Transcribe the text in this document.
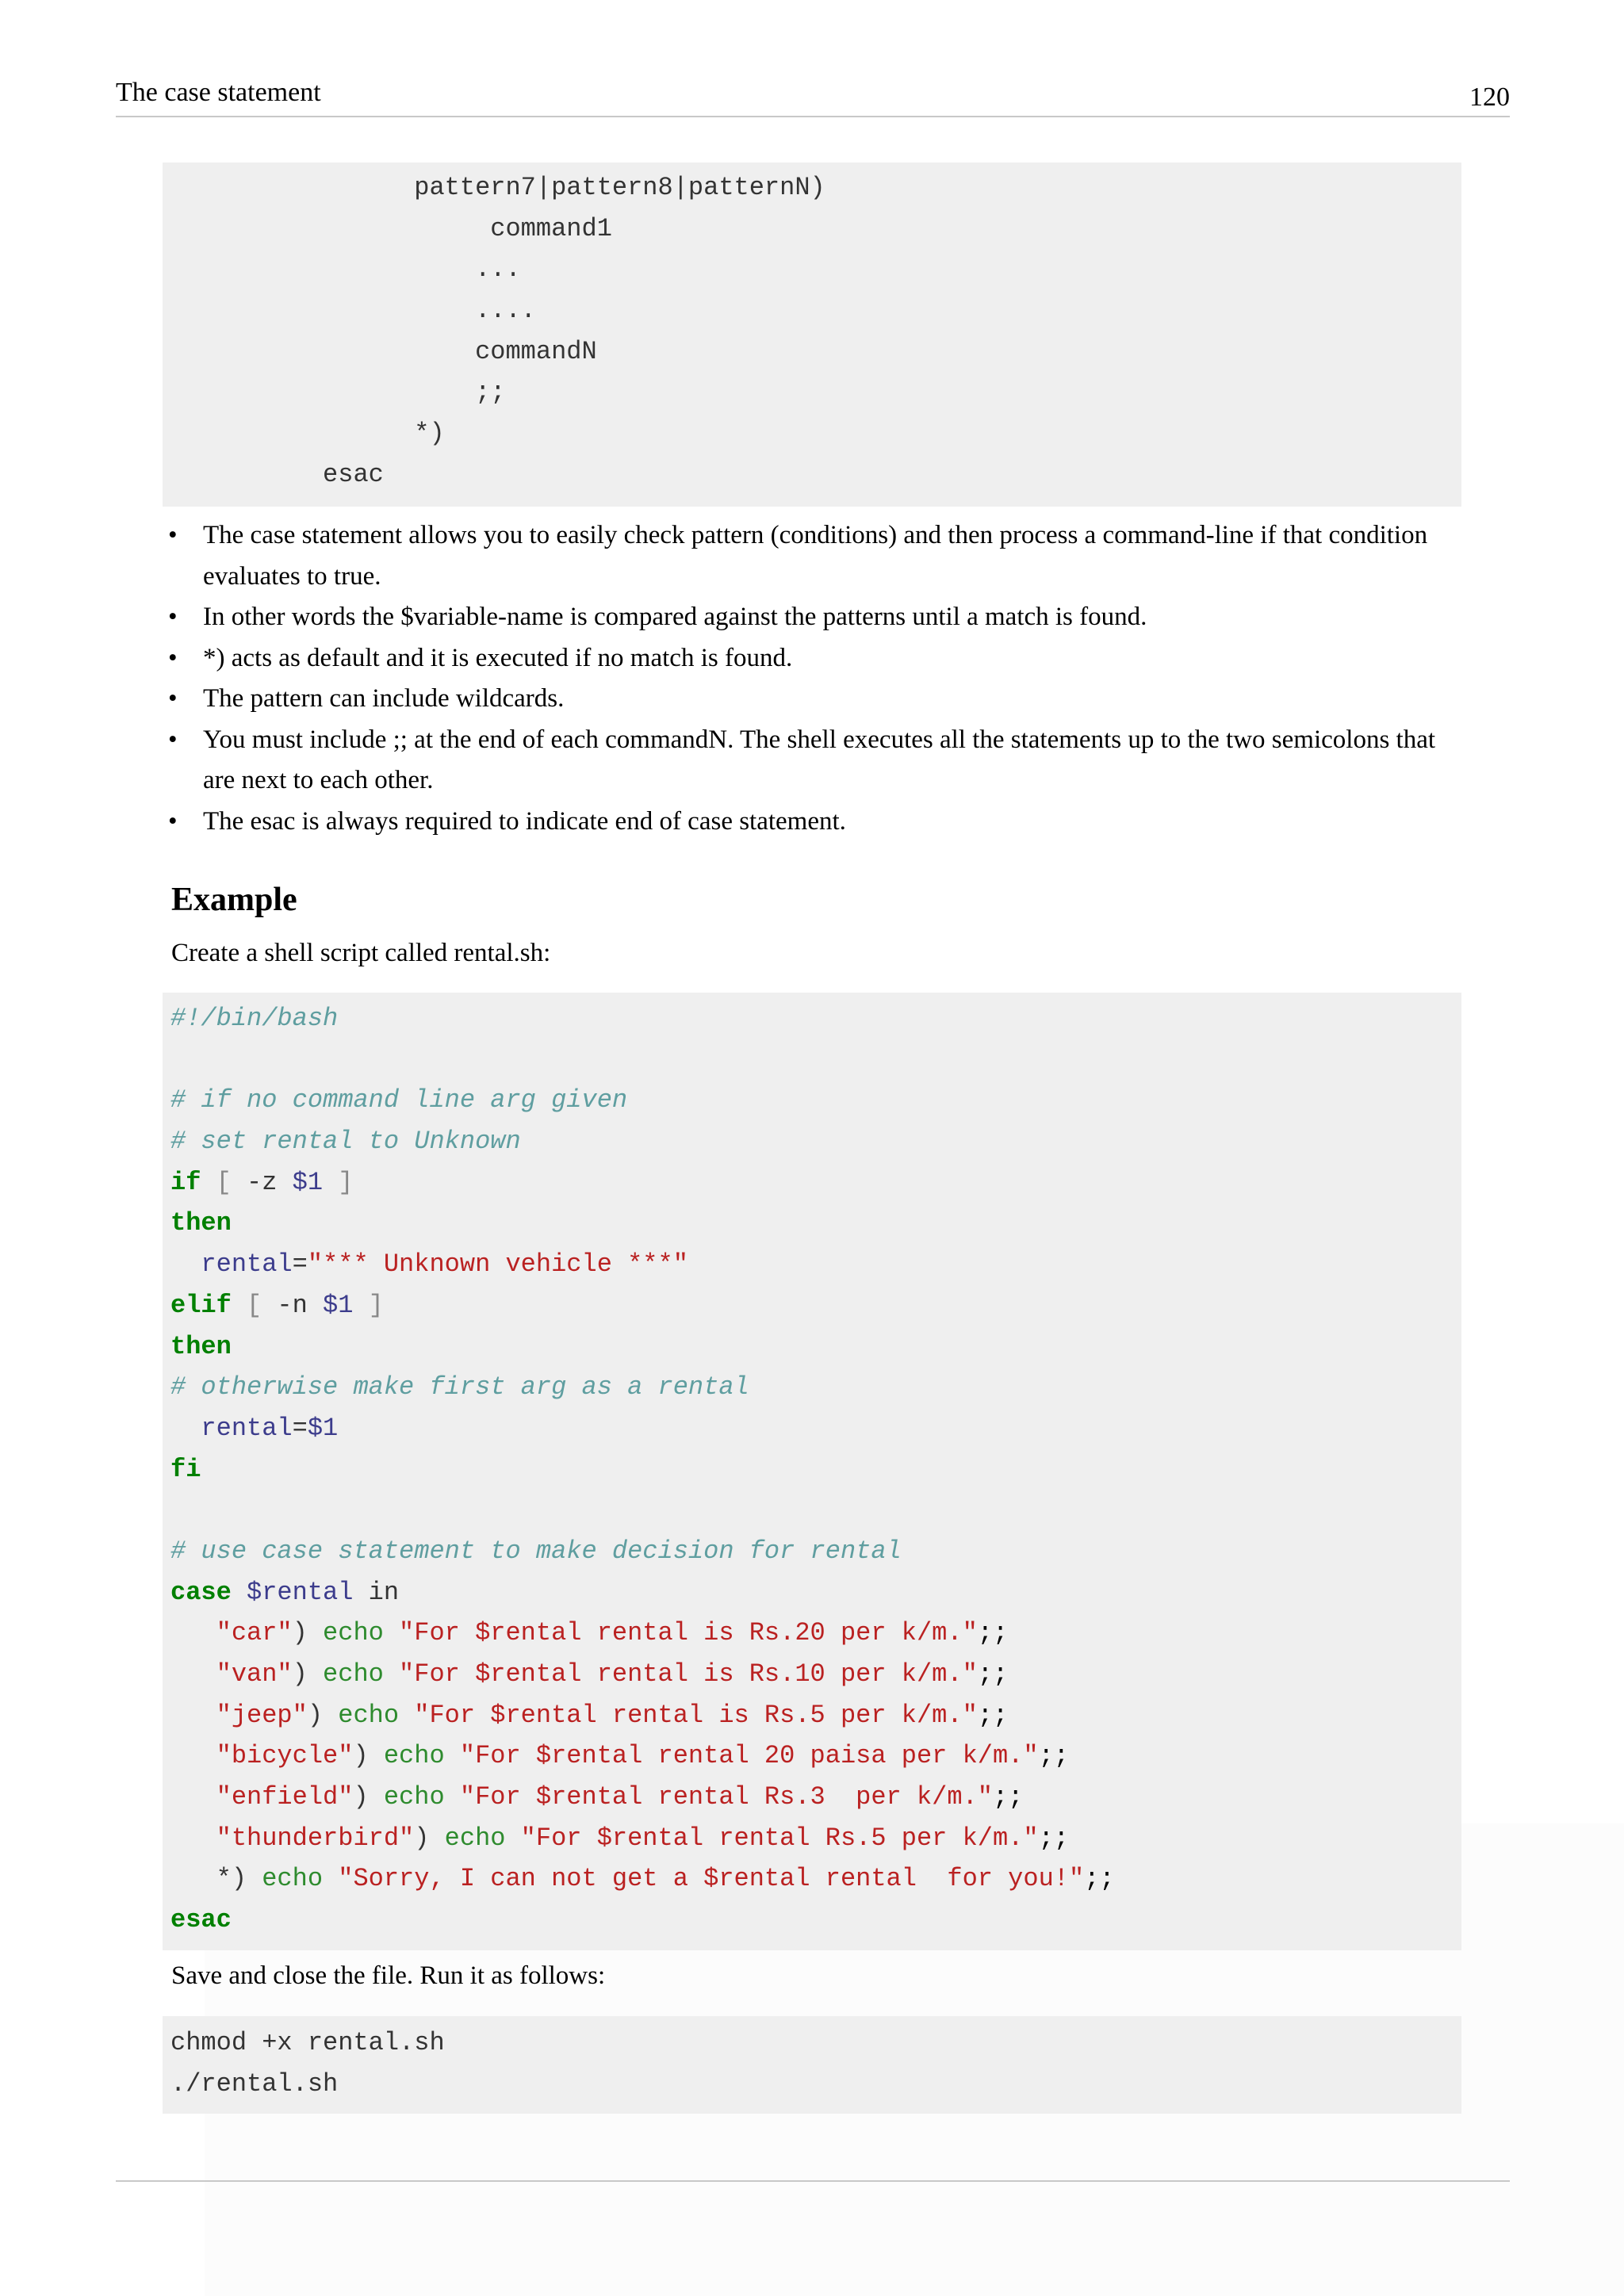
The case statement	120
pattern7|pattern8|patternN)
command1
...
....
commandN
;;
*)
esac
• The case statement allows you to easily check pattern (conditions) and then process a command-line if that condition evaluates to true.
• In other words the $variable-name is compared against the patterns until a match is found.
• *) acts as default and it is executed if no match is found.
• The pattern can include wildcards.
• You must include ;; at the end of each commandN. The shell executes all the statements up to the two semicolons that are next to each other.
• The esac is always required to indicate end of case statement.
Example

Create a shell script called rental.sh:

#!/bin/bash

# if no command line arg given
# set rental to Unknown
if [ -z $1 ]
then
rental="*** Unknown vehicle ***"
elif [ -n $1 ]
then
# otherwise make first arg as a rental
rental=$1
fi

# use case statement to make decision for rental
case $rental in
"car") echo "For $rental rental is Rs.20 per k/m.";;
"van") echo "For $rental rental is Rs.10 per k/m.";;
"jeep") echo "For $rental rental is Rs.5 per k/m.";;
"bicycle") echo "For $rental rental 20 paisa per k/m.";;
"enfield") echo "For $rental rental Rs.3  per k/m.";;
"thunderbird") echo "For $rental rental Rs.5 per k/m.";;
*) echo "Sorry, I can not get a $rental rental  for you!";;
esac

Save and close the file. Run it as follows:

chmod +x rental.sh
./rental.sh
